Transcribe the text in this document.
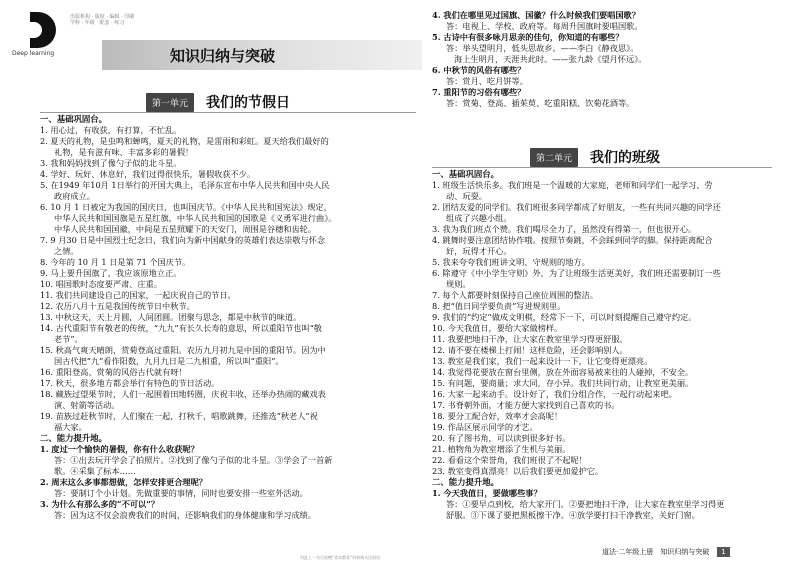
Deep learning
出版机构 · 版权 · 编辑 · 印刷
学科 · 年级 · 配套 · 练习
知识归纳与突破
第一单元	我们的节假日

一、基础巩固台。

1. 用心过，有收获，有打算，不忙乱。

2. 夏天的礼物，是虫鸣和蝉鸣，夏天的礼物，是雷雨和彩虹。夏天给我们最好的

礼物，是有滋有味、丰富多彩的暑假！

3. 我和妈妈找到了像勺子似的北斗星。

4. 学好、玩好、休息好，我们过得很快乐，暑假收获不少。

5. 在1949 年10月 1日举行的开国大典上，毛泽东宣布中华人民共和国中央人民

政府成立。

6. 10 月 1 日被定为我国的国庆日，也叫国庆节。《中华人民共和国宪法》规定，

中华人民共和国国旗是五星红旗，中华人民共和国的国歌是《义勇军进行曲》。

中华人民共和国国徽，中间是五星照耀下的天安门，周围是谷穗和齿轮。

7. 9 月30 日是中国烈士纪念日，我们向为新中国献身的英雄们表达崇敬与怀念

之情。

8. 今年的 10 月 1 日是第 71 个国庆节。

9. 马上要升国旗了，我应该原地立正。

10. 唱国歌时态度要严肃、庄重。

11. 我们共同建设自己的国家，一起庆祝自己的节日。

12. 农历八月十五是我国传统节日中秋节。

13. 中秋这天，天上月圆，人间团圆。团聚与思念，都是中秋节的味道。

14. 古代重阳节有敬老的传统，“九九”有长久长寿的意思，所以重阳节也叫“敬

老节”。

15. 秋高气爽天晴朗，赏菊登高过重阳。农历九月初九是中国的重阳节。因为中

国古代把“九”看作阳数，九月九日是二九相重，所以叫“重阳”。

16. 重阳登高、赏菊的风俗古代就有呀！

17. 秋天，很多地方都会举行有特色的节日活动。

18. 藏族过望果节时，人们一起围着田地转圈，庆祝丰收，还举办热闹的藏戏表

演、射箭等活动。

19. 苗族过赶秋节时，人们聚在一起，打秋千，唱歌跳舞，还推选“秋老人”祝

福大家。

二、能力提升地。

1. 度过一个愉快的暑假，你有什么收获呢？

答：①出去玩开学会了拍照片。②找到了像勺子似的北斗星。③学会了一首新

歌。④采集了标本……

2. 周末这么多事都想做，怎样安排更合理呢？

答：要制订个小计划。先做重要的事情，同时也要安排一些室外活动。

3. 为什么有那么多的“不可以”？

答：因为这不仅会浪费我们的时间，还影响我们的身体健康和学习成绩。

4. 我们在哪里见过国旗、国徽？什么时候我们要唱国歌？

答：电视上、学校、政府等。每周升国旗时要唱国歌。

5. 古诗中有很多咏月思亲的佳句，你知道的有哪些？

答：举头望明月，低头思故乡。——李白《静夜思》。

海上生明月，天涯共此时。——张九龄《望月怀远》。

6. 中秋节的风俗有哪些？

答：赏月、吃月饼等。

7. 重阳节的习俗有哪些？

答：赏菊、登高、插茱萸、吃重阳糕、饮菊花酒等。

第二单元	我们的班级

一、基础巩固台。

1. 班级生活快乐多。我们班是一个温暖的大家庭，老师和同学们一起学习、劳

动、玩耍。

2. 团结友爱的同学们。我们班很多同学都成了好朋友，一些有共同兴趣的同学还

组成了兴趣小组。

3. 我为我们班点个赞。我们喝尽全力了，虽然没有得第一，但也很开心。

4. 跳舞时要注意团结协作哦。按照节奏跳，不会踩到同学的脚。保持距离配合

好，玩得才开心。

5. 我来夸夸我们班讲文明、守规则的地方。

6. 除遵守《中小学生守则》外，为了让班级生活更美好，我们班还需要制订一些

规则。

7. 每个人都要时刻保持自己座位周围的整洁。

8. 把“值日同学要负责”写进规则里。

9. 我们的“约定”做成文明棋，经常下一下，可以时刻提醒自己遵守约定。

10. 今天我值日，要给大家做榜样。

11. 我要把地扫干净，让大家在教室里学习得更舒服。

12. 请不要在楼梯上打闹！这样危险，还会影响别人。

13. 教室是我们家，我们一起来设计一下，让它变得更漂亮。

14. 我觉得花要放在窗台里侧，放在外面容易被来往的人碰掉，不安全。

15. 有问题，要商量；求大同，存小异。我们共同行动，让教室更美丽。

16. 大家一起来动手。设计好了，我们分组合作，一起行动起来吧。

17. 书脊朝外面，才能方便大家找到自己喜欢的书。

18. 要分工配合好，效率才会高呢！

19. 作品区展示同学的才艺。

20. 有了图书角，可以读到很多好书。

21. 植物角为教室增添了生机与美丽。

22. 看看这个荣誉角，我们班很了不起呢！

23. 教室变得真漂亮！以后我们要更加爱护它。

二、能力提升地。

1. 今天我值日，要做哪些事？

答：①要早点到校，给大家开门。②要把地扫干净，让大家在教室里学习得更

舒服。③下课了要把黑板擦干净。④放学要打扫干净教室，关好门窗。

用此上一书可获赠“青岛教育”资料请关注网站
道法·二年级上册　知识归纳与突破	1
